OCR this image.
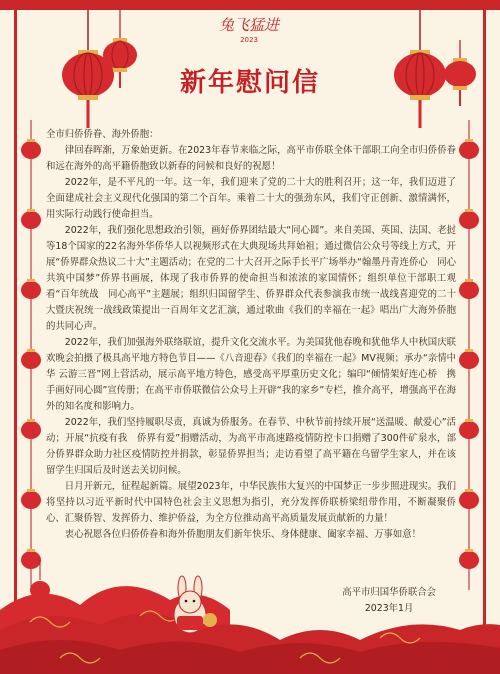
兔飞猛进
2023
新年慰问信

全市归侨侨眷、海外侨胞：

律回春晖渐，万象始更新。在2023年春节来临之际，高平市侨联全体干部职工向全市归侨侨眷和远在海外的高平籍侨胞致以新春的问候和良好的祝愿！

2022年，是不平凡的一年。这一年，我们迎来了党的二十大的胜利召开；这一年，我们迈进了全面建成社会主义现代化强国的第二个百年。乘着二十大的强劲东风，我们守正创新、激情满怀，用实际行动践行使命担当。

2022年，我们强化思想政治引领，画好侨界团结最大“同心圆”。来自美国、英国、法国、老挝等18个国家的22名海外华侨华人以视频形式在大典现场共拜始祖；通过微信公众号等线上方式，开展“侨界群众热议二十大”主题活动；在党的二十大召开之际手长平广场举办“翰墨丹青连侨心　同心共筑中国梦”侨界书画展，体现了我市侨界的使命担当和浓浓的家国情怀；组织单位干部职工观看“百年统战　同心高平”主题展；组织归国留学生、侨界群众代表参演我市统一战线喜迎党的二十大暨庆祝统一战线政策提出一百周年文艺汇演，通过歌曲《我们的幸福在一起》唱出广大海外侨胞的共同心声。

2022年，我们加强海外联络联谊，提升文化交流水平。为美国犹他春晚和犹他华人中秋国庆联欢晚会拍摄了极具高平地方特色节目——《八音迎春》《我们的幸福在一起》MV视频；承办“亲情中华 云游三晋”网上营活动，展示高平地方特色，感受高平厚重历史文化；编印“倾情架好连心桥　携手画好同心圆”宣传册；在高平市侨联微信公众号上开辟“我的家乡”专栏，推介高平，增强高平在海外的知名度和影响力。

2022年，我们坚持履职尽责，真诚为侨服务。在春节、中秋节前持续开展“送温暖、献爱心”活动；开展“抗疫有我　侨界有爱”捐赠活动，为高平市高速路疫情防控卡口捐赠了300件矿泉水，部分侨界群众助力社区疫情防控并捐款，彰显侨界担当；走访看望了高平籍在乌留学生家人，并在该留学生归国后及时送去关切问候。

日月开新元，征程起新篇。展望2023年，中华民族伟大复兴的中国梦正一步步照进现实。我们将坚持以习近平新时代中国特色社会主义思想为指引，充分发挥侨联桥梁纽带作用，不断凝聚侨心、汇聚侨智、发挥侨力、维护侨益，为全方位推动高平高质量发展贡献新的力量！

衷心祝愿各位归侨侨眷和海外侨胞朋友们新年快乐、身体健康、阖家幸福、万事如意！

高平市归国华侨联合会
2023年1月
